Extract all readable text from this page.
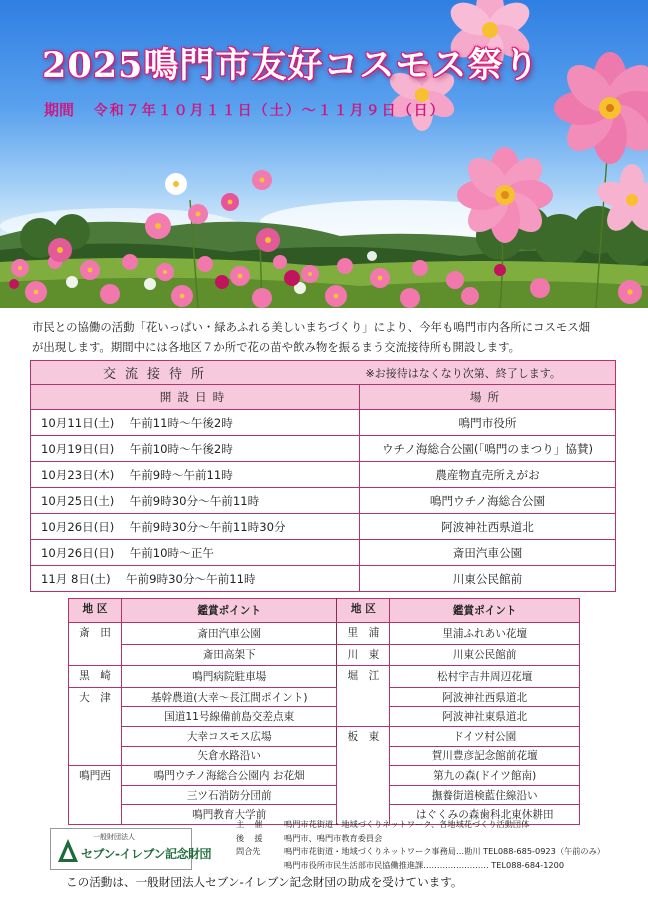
2025鳴門市友好コスモス祭り
期間 令和７年１０月１１日（土）〜１１月９日（日）

市民との協働の活動「花いっぱい・緑あふれる美しいまちづくり」により、今年も鳴門市内各所にコスモス畑

が出現します。期間中には各地区７か所で花の苗や飲み物を振るまう交流接待所も開設します。

交流接待所	※お接待はなくなり次第、終了します。
開設日時	場所
10月11日(土)　 午前11時〜午後2時	鳴門市役所
10月19日(日)　 午前10時〜午後2時	ウチノ海総合公園(「鳴門のまつり」協賛)
10月23日(木)　 午前9時〜午前11時	農産物直売所えがお
10月25日(土)　 午前9時30分〜午前11時	鳴門ウチノ海総合公園
10月26日(日)　 午前9時30分〜午前11時30分	阿波神社西県道北
10月26日(日)　 午前10時〜正午	斎田汽車公園
11月 8日(土)　 午前9時30分〜午前11時	川東公民館前
地 区	鑑賞ポイント	地 区	鑑賞ポイント
斎　田	斎田汽車公園	里　浦	里浦ふれあい花壇
	斎田高架下	川　東	川東公民館前
黒　崎	鳴門病院駐車場	堀　江	松村宇吉井周辺花壇
大　津	基幹農道(大幸〜長江間ポイント)		阿波神社西県道北
	国道11号線備前島交差点東		阿波神社東県道北
	大幸コスモス広場	板　東	ドイツ村公園
	矢倉水路沿い		賀川豊彦記念館前花壇
鳴門西	鳴門ウチノ海総合公園内 お花畑		第九の森(ドイツ館南)
	三ツ石消防分団前		撫養街道検藍住線沿い
	鳴門教育大学前		はぐくみの森歯科北東休耕田
一般財団法人
セブン‐イレブン記念財団
主　催 鳴門市花街道・地域づくりネットワーク、各地域花づくり活動団体
後　援 鳴門市、鳴門市教育委員会
問合先	鳴門市花街道・地域づくりネットワーク事務局…勘川 TEL088-685-0923（午前のみ）
鳴門市役所市民生活部市民協働推進課…………………… TEL088-684-1200
この活動は、一般財団法人セブン‐イレブン記念財団の助成を受けています。
